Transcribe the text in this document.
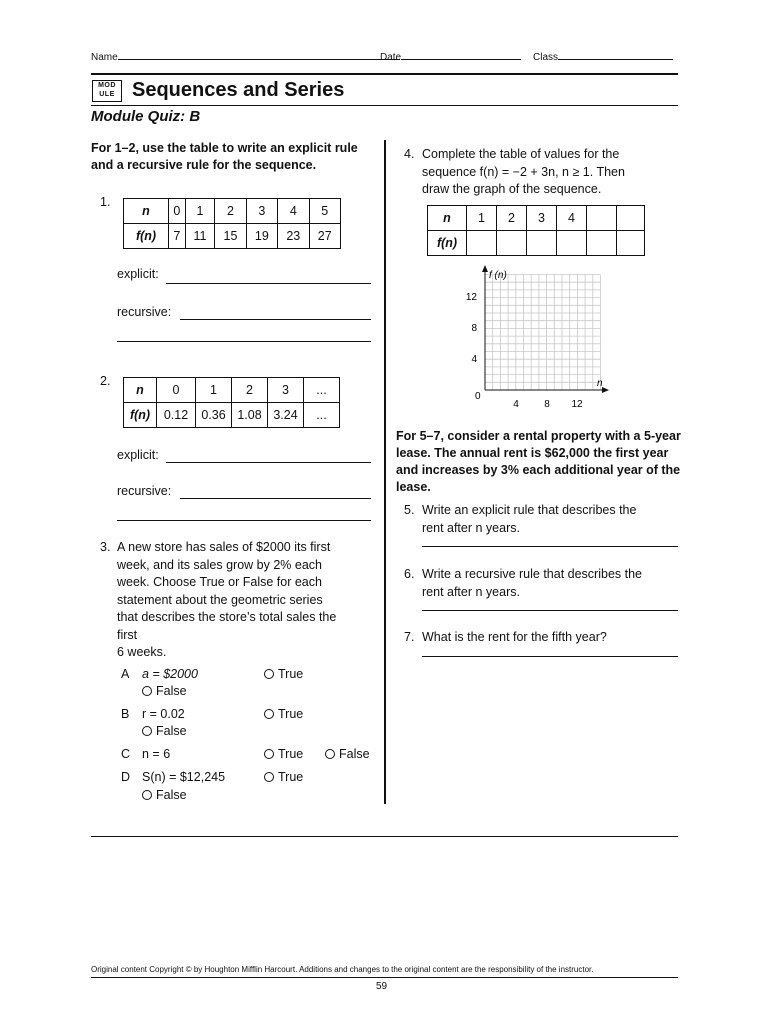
Name	Date	Class
MOD ULE Sequences and Series
Module Quiz: B
For 1–2, use the table to write an explicit rule and a recursive rule for the sequence.
1.
n	0	1	2	3	4	5
f(n)	7	11	15	19	23	27
explicit:
recursive:
2.
n	0	1	2	3	...
f(n)	0.12	0.36	1.08	3.24	...
explicit:
recursive:
3. A new store has sales of $2000 its first
week, and its sales grow by 2% each
week. Choose True or False for each
statement about the geometric series
that describes the store’s total sales the
first
6 weeks.
A a = $2000	True
False
B r = 0.02	True
False
C n = 6	True	False
D S(n) = $12,245	True
False
4. Complete the table of values for the
sequence f(n) = −2 + 3n, n ≥ 1. Then
draw the graph of the sequence.
n	1	2	3	4		
f(n)						
f (n)
n
0
4
8
12
4	8 12
For 5–7, consider a rental property with a 5-year lease. The annual rent is $62,000 the first year and increases by 3% each additional year of the lease.
5. Write an explicit rule that describes the
rent after n years.
6. Write a recursive rule that describes the
rent after n years.
7. What is the rent for the fifth year?
Original content Copyright © by Houghton Mifflin Harcourt. Additions and changes to the original content are the responsibility of the instructor.
59
